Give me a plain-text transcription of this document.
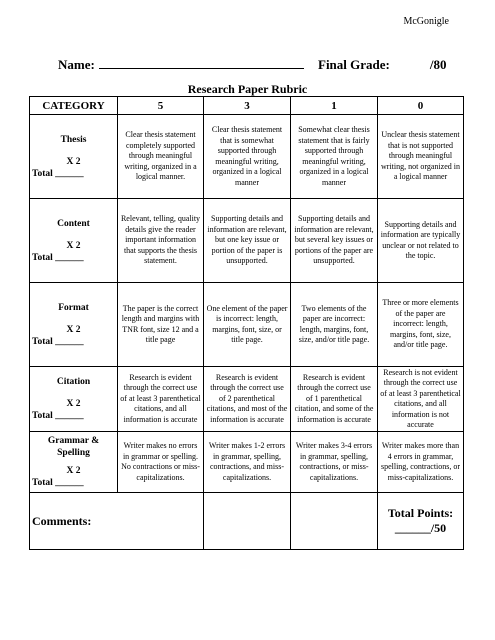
McGonigle
Name:	Final Grade:	/80
Research Paper Rubric
CATEGORY	5	3	1	0

Thesis
X 2
Total ______	Clear thesis statement completely supported through meaningful writing, organized in a logical manner.	Clear thesis statement that is somewhat supported through meaningful writing, organized in a logical manner	Somewhat clear thesis statement that is fairly supported through meaningful writing, organized in a logical manner	Unclear thesis statement that is not supported through meaningful writing, not organized in a logical manner

Content
X 2
Total ______	Relevant, telling, quality details give the reader important information that supports the thesis statement.	Supporting details and information are relevant, but one key issue or portion of the paper is unsupported.	Supporting details and information are relevant, but several key issues or portions of the paper are unsupported.	Supporting details and information are typically unclear or not related to the topic.

Format
X 2
Total ______	The paper is the correct length and margins with TNR font, size 12 and a title page	One element of the paper is incorrect: length, margins, font, size, or title page.	Two elements of the paper are incorrect: length, margins, font, size, and/or title page.	Three or more elements of the paper are incorrect: length, margins, font, size, and/or title page.

Citation
X 2
Total ______	Research is evident through the correct use of at least 3 parenthetical citations, and all information is accurate	Research is evident through the correct use of 2 parenthetical citations, and most of the information is accurate	Research is evident through the correct use of 1 parenthetical citation, and some of the information is accurate	Research is not evident through the correct use of at least 3 parenthetical citations, and all information is not accurate

Grammar & Spelling
X 2
Total ______	Writer makes no errors in grammar or spelling. No contractions or miss-capitalizations.	Writer makes 1-2 errors in grammar, spelling, contractions, and miss-capitalizations.	Writer makes 3-4 errors in grammar, spelling, contractions, or miss-capitalizations.	Writer makes more than 4 errors in grammar, spelling, contractions, or miss-capitalizations.
Comments:				Total Points:
______/50
